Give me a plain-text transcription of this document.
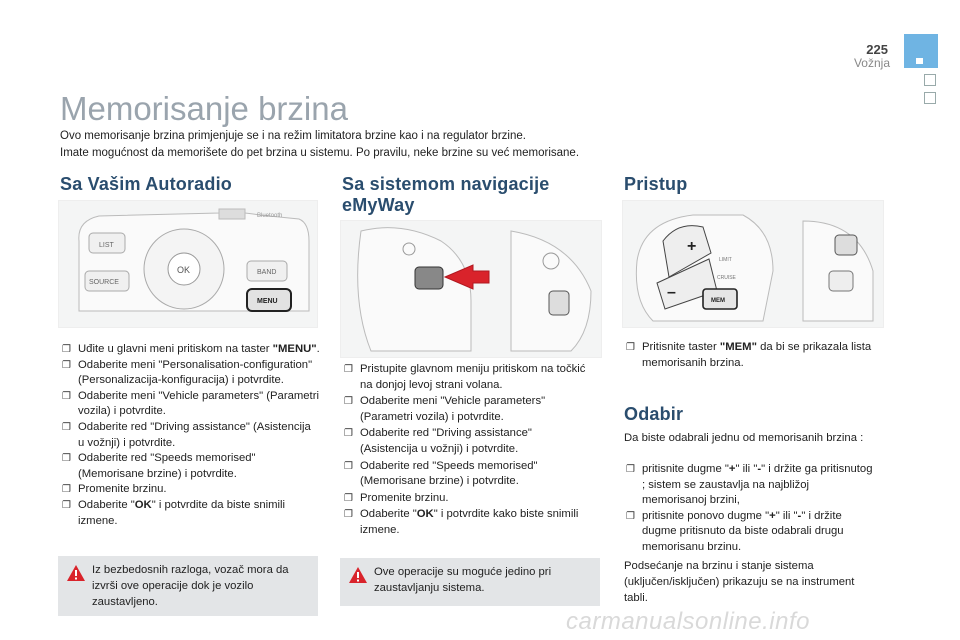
225
Vožnja
Memorisanje brzina
Ovo memorisanje brzina primjenjuje se i na režim limitatora brzine kao i na regulator brzine.
Imate mogućnost da memorišete do pet brzina u sistemu. Po pravilu, neke brzine su već memorisane.
Sa Vašim Autoradio
LIST
SOURCE
OK	BAND
MENU
Bluetooth
❐ Uđite u glavni meni pritiskom na taster "MENU".
❐ Odaberite meni "Personalisation-configuration" (Personalizacija-konfiguracija) i potvrdite.
❐ Odaberite meni "Vehicle parameters" (Parametri vozila) i potvrdite.
❐ Odaberite red "Driving assistance" (Asistencija u vožnji) i potvrdite.
❐ Odaberite red "Speeds memorised" (Memorisane brzine) i potvrdite.
❐ Promenite brzinu.
❐ Odaberite "OK" i potvrdite da biste snimili izmene.
Iz bezbedosnih razloga, vozač mora da izvrši ove operacije dok je vozilo zaustavljeno.
Sa sistemom navigacije eMyWay
❐ Pristupite glavnom meniju pritiskom na točkić na donjoj levoj strani volana.
❐ Odaberite meni "Vehicle parameters" (Parametri vozila) i potvrdite.
❐ Odaberite red "Driving assistance" (Asistencija u vožnji) i potvrdite.
❐ Odaberite red "Speeds memorised" (Memorisane brzine) i potvrdite.
❐ Promenite brzinu.
❐ Odaberite "OK" i potvrdite kako biste snimili izmene.
Ove operacije su moguće jedino pri zaustavljanju sistema.
Pristup
+
–
LIMIT
CRUISE
MEM
❐ Pritisnite taster "MEM" da bi se prikazala lista memorisanih brzina.
Odabir
Da biste odabrali jednu od memorisanih brzina :
❐ pritisnite dugme "+" ili "-" i držite ga pritisnutog ; sistem se zaustavlja na najbližoj memorisanoj brzini,
❐ pritisnite ponovo dugme "+" ili "-" i držite dugme pritisnuto da biste odabrali drugu memorisanu brzinu.
Podsećanje na brzinu i stanje sistema (uključen/isključen) prikazuju se na instrument tabli.
carmanualsonline.info
